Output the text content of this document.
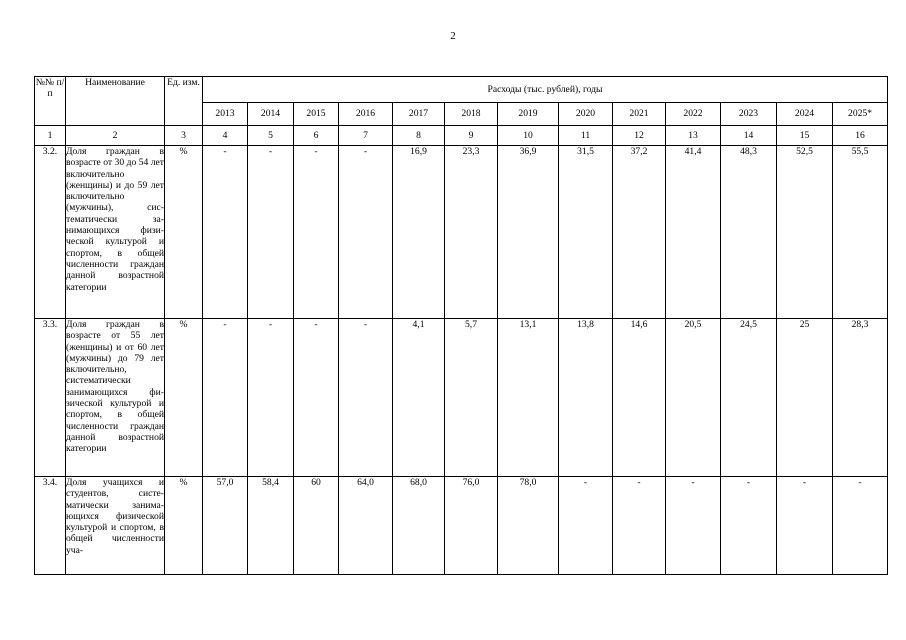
2
№№ п/п	Наименование	Ед. изм.	Расходы (тыс. рублей), годы												
			2013	2014	2015	2016	2017	2018	2019	2020	2021	2022	2023	2024	2025*
1	2	3	4	5	6	7	8	9	10	11	12	13	14	15	16
3.2.	Доля граждан в возрасте от 30 до 54 лет включительно (женщины) и до 59 лет включительно (мужчины), систематически занимающихся физической культурой и спортом, в общей численности граждан данной возрастной категории	%	-	-	-	-	16,9	23,3	36,9	31,5	37,2	41,4	48,3	52,5	55,5
3.3.	Доля граждан в возрасте от 55 лет (женщины) и от 60 лет (мужчины) до 79 лет включительно, систематически занимающихся физической культурой и спортом, в общей численности граждан данной возрастной категории	%	-	-	-	-	4,1	5,7	13,1	13,8	14,6	20,5	24,5	25	28,3
3.4.	Доля учащихся и студентов, систематически занимающихся физической культурой и спортом, в общей численности уча-	%	57,0	58,4	60	64,0	68,0	76,0	78,0	-	-	-	-	-	-
